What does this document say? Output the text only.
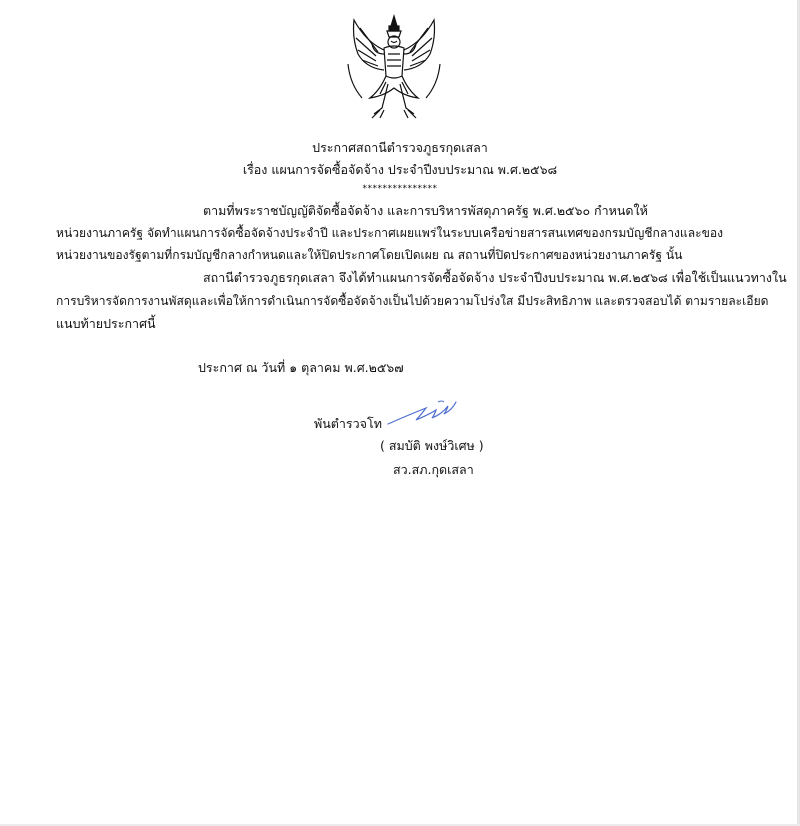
ประกาศสถานีตำรวจภูธรกุดเสลา
เรื่อง แผนการจัดซื้อจัดจ้าง ประจำปีงบประมาณ พ.ศ.๒๕๖๘
***************
ตามที่พระราชบัญญัติจัดซื้อจัดจ้าง และการบริหารพัสดุภาครัฐ พ.ศ.๒๕๖๐ กำหนดให้
หน่วยงานภาครัฐ จัดทำแผนการจัดซื้อจัดจ้างประจำปี และประกาศเผยแพร่ในระบบเครือข่ายสารสนเทศของกรมบัญชีกลางและของ
หน่วยงานของรัฐตามที่กรมบัญชีกลางกำหนดและให้ปิดประกาศโดยเปิดเผย ณ สถานที่ปิดประกาศของหน่วยงานภาครัฐ นั้น
สถานีตำรวจภูธรกุดเสลา จึงได้ทำแผนการจัดซื้อจัดจ้าง ประจำปีงบประมาณ พ.ศ.๒๕๖๘ เพื่อใช้เป็นแนวทางใน
การบริหารจัดการงานพัสดุและเพื่อให้การดำเนินการจัดซื้อจัดจ้างเป็นไปด้วยความโปร่งใส มีประสิทธิภาพ และตรวจสอบได้ ตามรายละเอียด
แนบท้ายประกาศนี้
ประกาศ ณ วันที่ ๑ ตุลาคม พ.ศ.๒๕๖๗
พันตำรวจโท
( สมบัติ พงษ์วิเศษ )
สว.สภ.กุดเสลา
